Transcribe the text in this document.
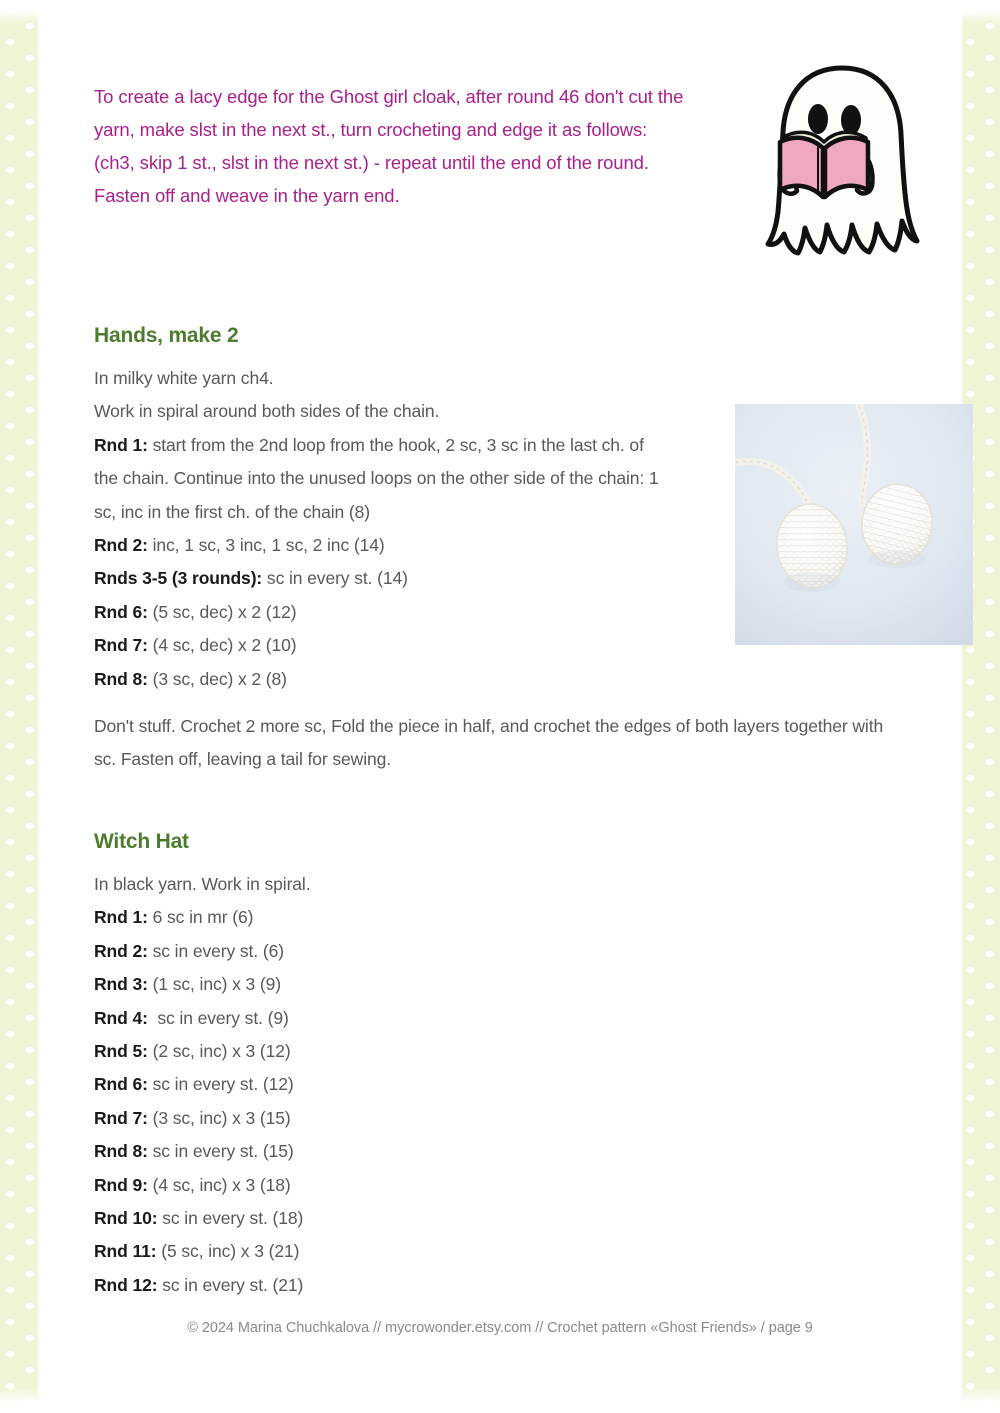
To create a lacy edge for the Ghost girl cloak, after round 46 don't cut the yarn, make slst in the next st., turn crocheting and edge it as follows: (ch3, skip 1 st., slst in the next st.) - repeat until the end of the round. Fasten off and weave in the yarn end.

Hands, make 2
In milky white yarn ch4.
Work in spiral around both sides of the chain.
Rnd 1: start from the 2nd loop from the hook, 2 sc, 3 sc in the last ch. of the chain. Continue into the unused loops on the other side of the chain: 1 sc, inc in the first ch. of the chain (8)
Rnd 2: inc, 1 sc, 3 inc, 1 sc, 2 inc (14)
Rnds 3-5 (3 rounds): sc in every st. (14)
Rnd 6: (5 sc, dec) x 2 (12)
Rnd 7: (4 sc, dec) x 2 (10)
Rnd 8: (3 sc, dec) x 2 (8)
Don't stuff. Crochet 2 more sc, Fold the piece in half, and crochet the edges of both layers together with sc. Fasten off, leaving a tail for sewing.
Witch Hat
In black yarn. Work in spiral.
Rnd 1: 6 sc in mr (6)
Rnd 2: sc in every st. (6)
Rnd 3: (1 sc, inc) x 3 (9)
Rnd 4:  sc in every st. (9)
Rnd 5: (2 sc, inc) x 3 (12)
Rnd 6: sc in every st. (12)
Rnd 7: (3 sc, inc) x 3 (15)
Rnd 8: sc in every st. (15)
Rnd 9: (4 sc, inc) x 3 (18)
Rnd 10: sc in every st. (18)
Rnd 11: (5 sc, inc) x 3 (21)
Rnd 12: sc in every st. (21)
© 2024 Marina Chuchkalova // mycrowonder.etsy.com // Crochet pattern «Ghost Friends» / page 9
